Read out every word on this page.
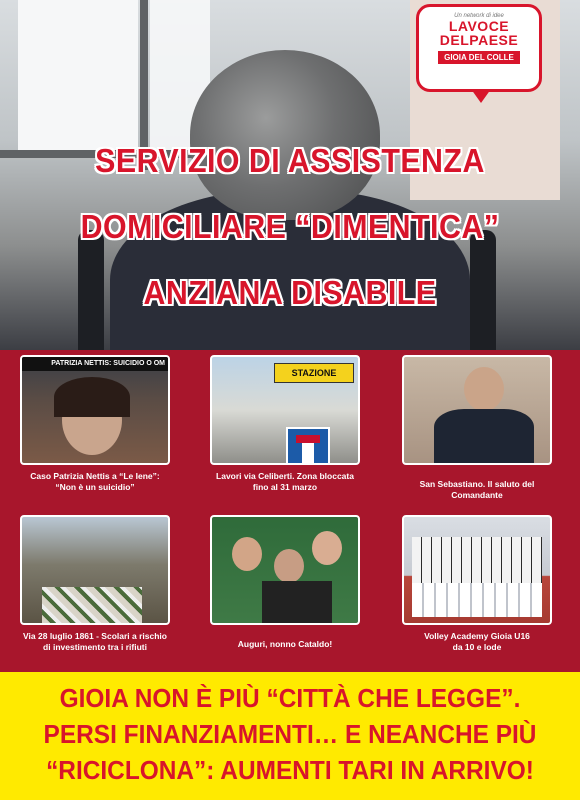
Un network di idee
LAVOCE
DELPAESE
GIOIA DEL COLLE
SERVIZIO DI ASSISTENZA
DOMICILIARE “DIMENTICA”
ANZIANA DISABILE
PATRIZIA NETTIS: SUICIDIO O OM
Caso Patrizia Nettis a “Le Iene”:
“Non è un suicidio”
STAZIONE
Lavori via Celiberti. Zona bloccata
fino al 31 marzo	San Sebastiano. Il saluto del Comandante
Via 28 luglio 1861 - Scolari a rischio
di investimento tra i rifiuti	Auguri, nonno Cataldo!
Volley Academy Gioia U16
da 10 e lode
GIOIA NON È PIÙ “CITTÀ CHE LEGGE”.
PERSI FINANZIAMENTI… E NEANCHE PIÙ
“RICICLONA”: AUMENTI TARI IN ARRIVO!
